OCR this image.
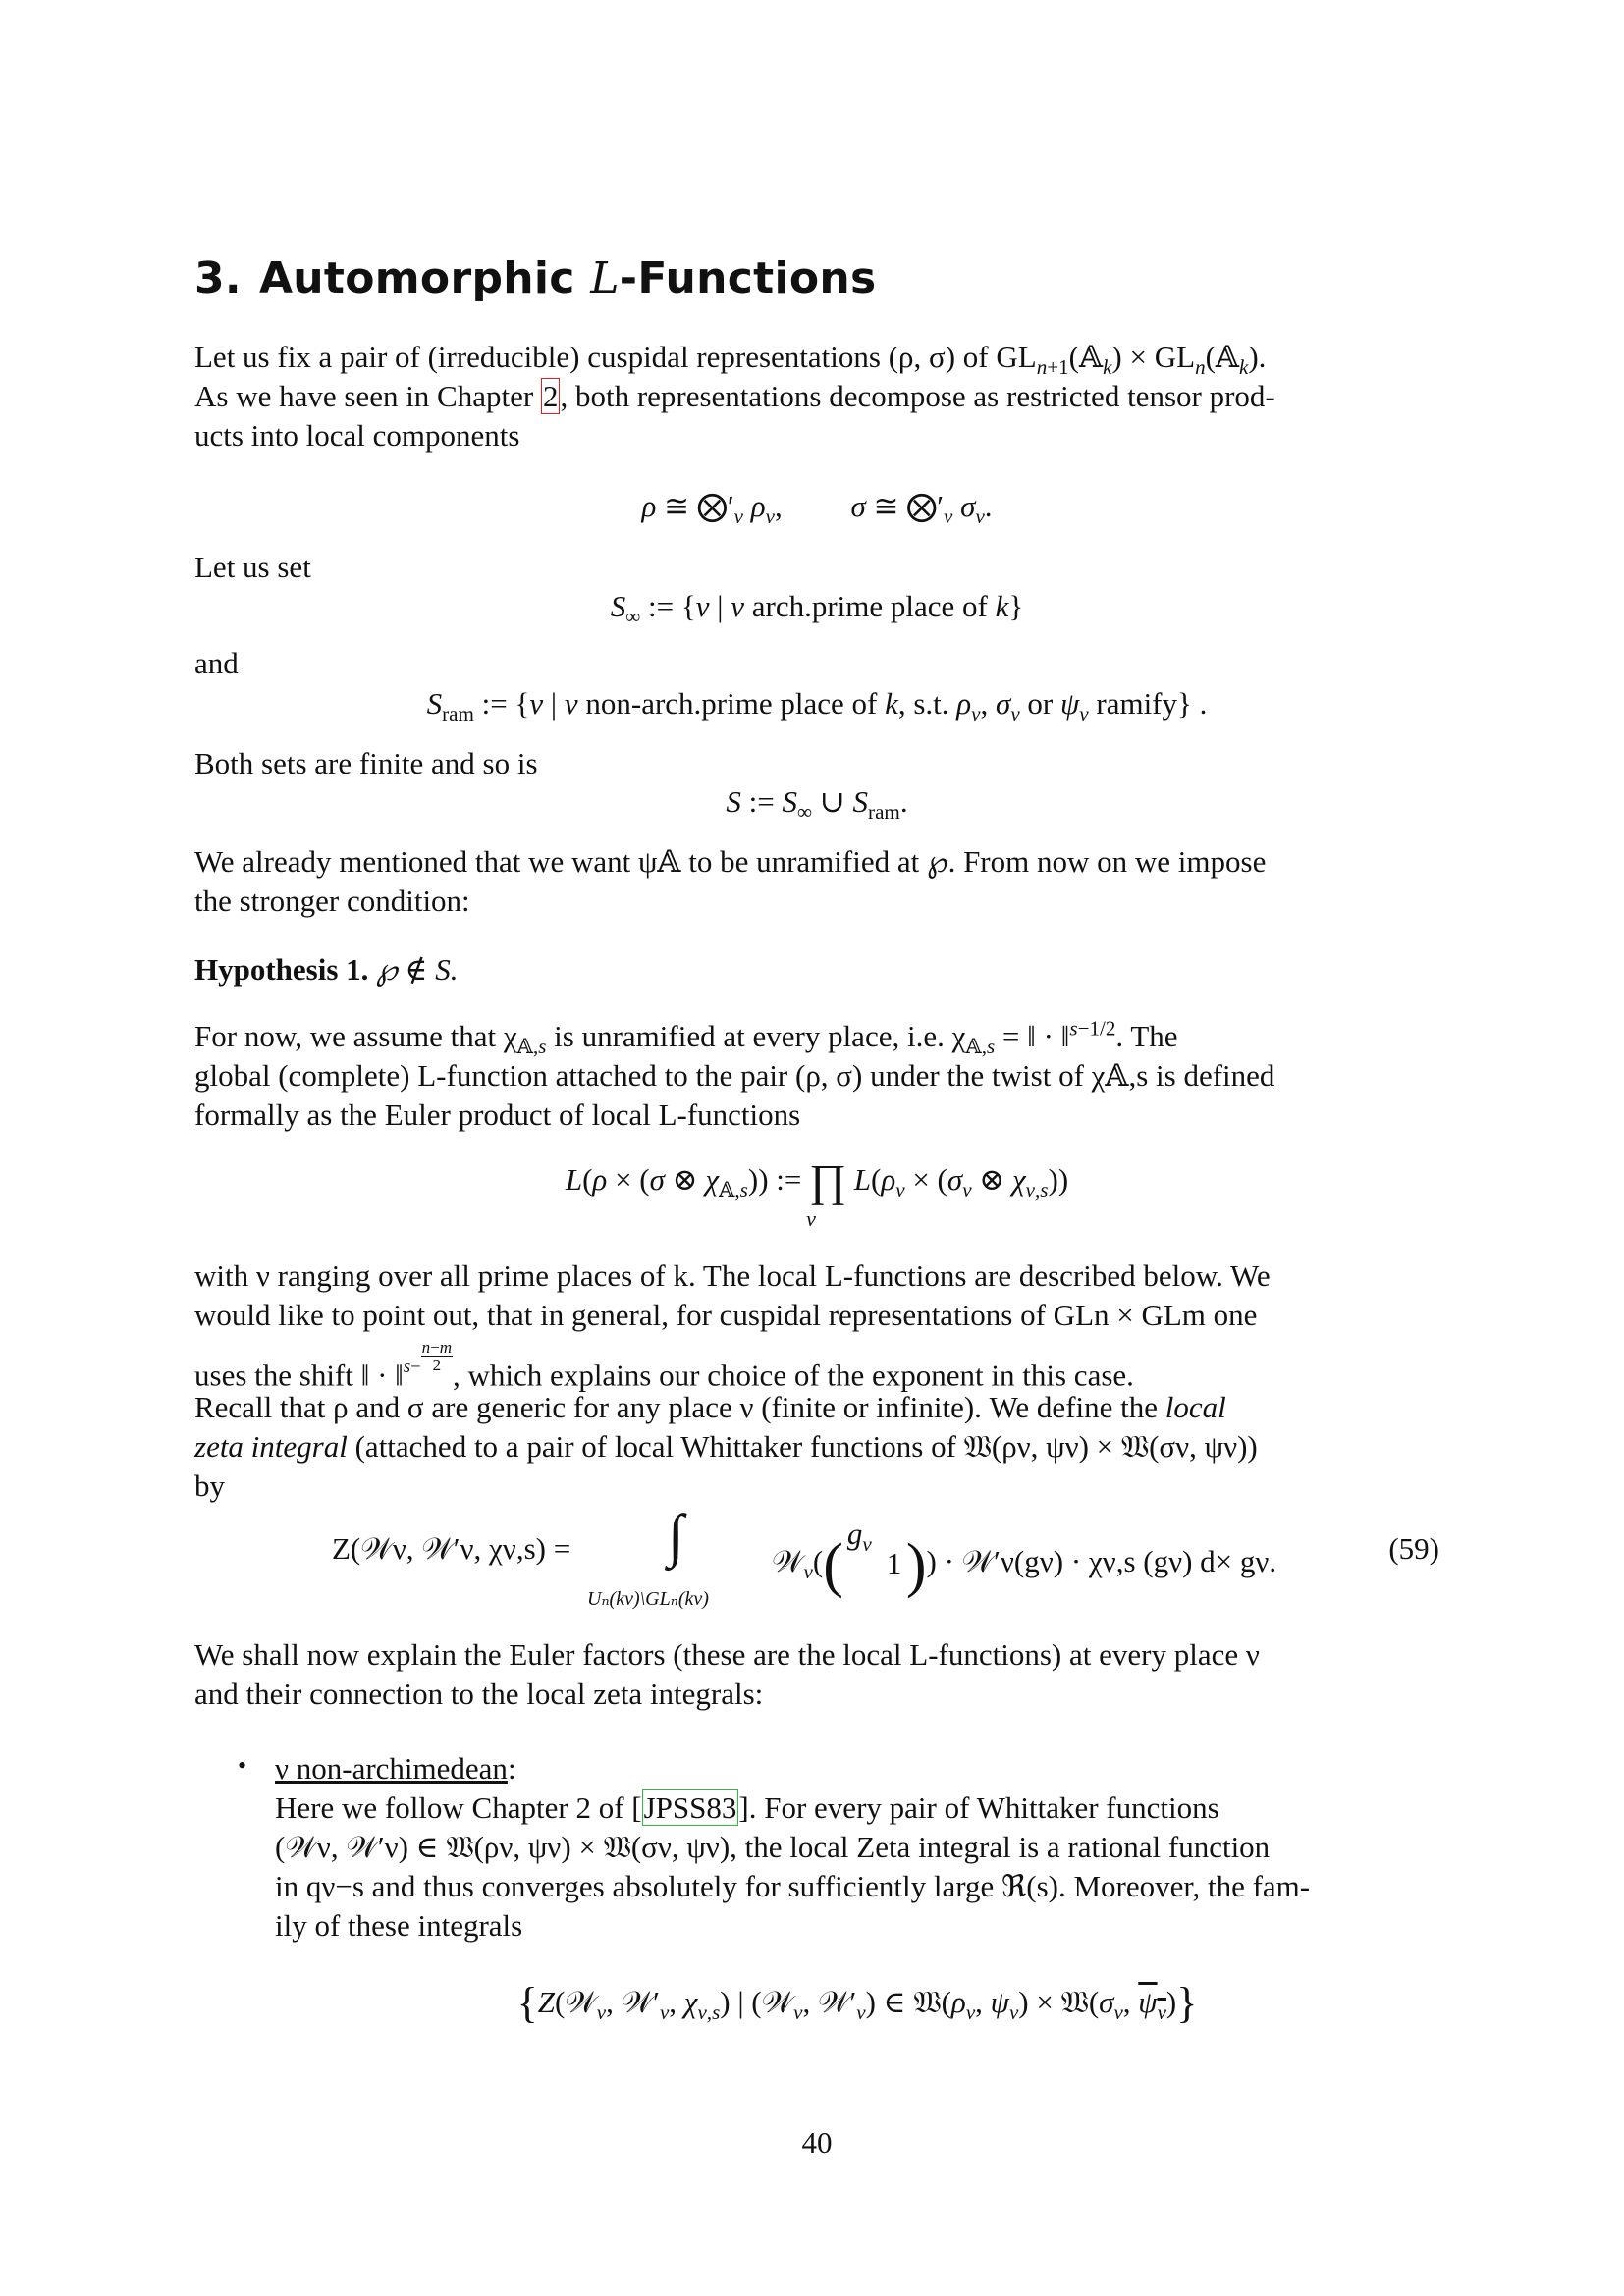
3. Automorphic L-Functions

Let us fix a pair of (irreducible) cuspidal representations (ρ, σ) of $GL_{n+1}(𝔸_k)$ × $GL_n(𝔸_k)$.

As we have seen in Chapter 2, both representations decompose as restricted tensor prod-

ucts into local components

ρ ≅ $⨂'_\nu$ $\rho_\nu$,         σ ≅ $⨂'_\nu$ $\sigma_\nu$.

Let us set

$S_\infty$ := {ν | ν arch.prime place of k}

and

$S_{ram}$ := {ν | ν non-arch.prime place of k, s.t. $\rho_\nu$, $\sigma_\nu$ or $\psi_\nu$ ramify} .

Both sets are finite and so is

S := $S_\infty$ ∪ $S_{ram}$.

We already mentioned that we want ψ𝔸 to be unramified at ℘. From now on we impose

the stronger condition:

Hypothesis 1. ℘ ∉ S.

For now, we assume that $\chi_{𝔸,s}$ is unramified at every place, i.e. $\chi_{𝔸,s}$ = ‖ · ‖$^{s-1/2}$. The

global (complete) L-function attached to the pair (ρ, σ) under the twist of χ𝔸,s is defined

formally as the Euler product of local L-functions

L(ρ × (σ ⊗ $\chi_{𝔸,s}$)) := ∏ $L(\rho_\nu \times (\sigma_\nu$ ⊗ $\chi_{\nu,s}$))

ν

with ν ranging over all prime places of k. The local L-functions are described below. We

would like to point out, that in general, for cuspidal representations of GLn × GLm one

uses the shift ‖ · ‖s− $\frac{n-m}{2}$
, which explains our choice of the exponent in this case.

Recall that ρ and σ are generic for any place ν (finite or infinite). We define the local

zeta integral (attached to a pair of local Whittaker functions of 𝔚(ρν, ψν) × 𝔚(σν, ψν))

by

Z(𝒲ν, 𝒲′ν, χν,s) = ∫
Uₙ(kν)\GLₙ(kν)
𝒲$_\nu$(( $g_\nu$
1 )) · 𝒲′ν(gν) · χν,s (gν) d× gν.	(59)

We shall now explain the Euler factors (these are the local L-functions) at every place ν

and their connection to the local zeta integrals:

• ν non-archimedean:

Here we follow Chapter 2 of [JPSS83]. For every pair of Whittaker functions

(𝒲ν, 𝒲′ν) ∈ 𝔚(ρν, ψν) × 𝔚(σν, ψν), the local Zeta integral is a rational function

in qν−s and thus converges absolutely for sufficiently large ℜ(s). Moreover, the fam-

ily of these integrals

{Z(𝒲$_\nu$, $𝒲'_\nu$, $\chi_{\nu,s}$) | (𝒲$_\nu$, $𝒲'_\nu$) ∈ $𝔚(\rho_\nu$, $\psi_\nu$) × $𝔚(\sigma_\nu$, $\psi_\nu$)}

40
